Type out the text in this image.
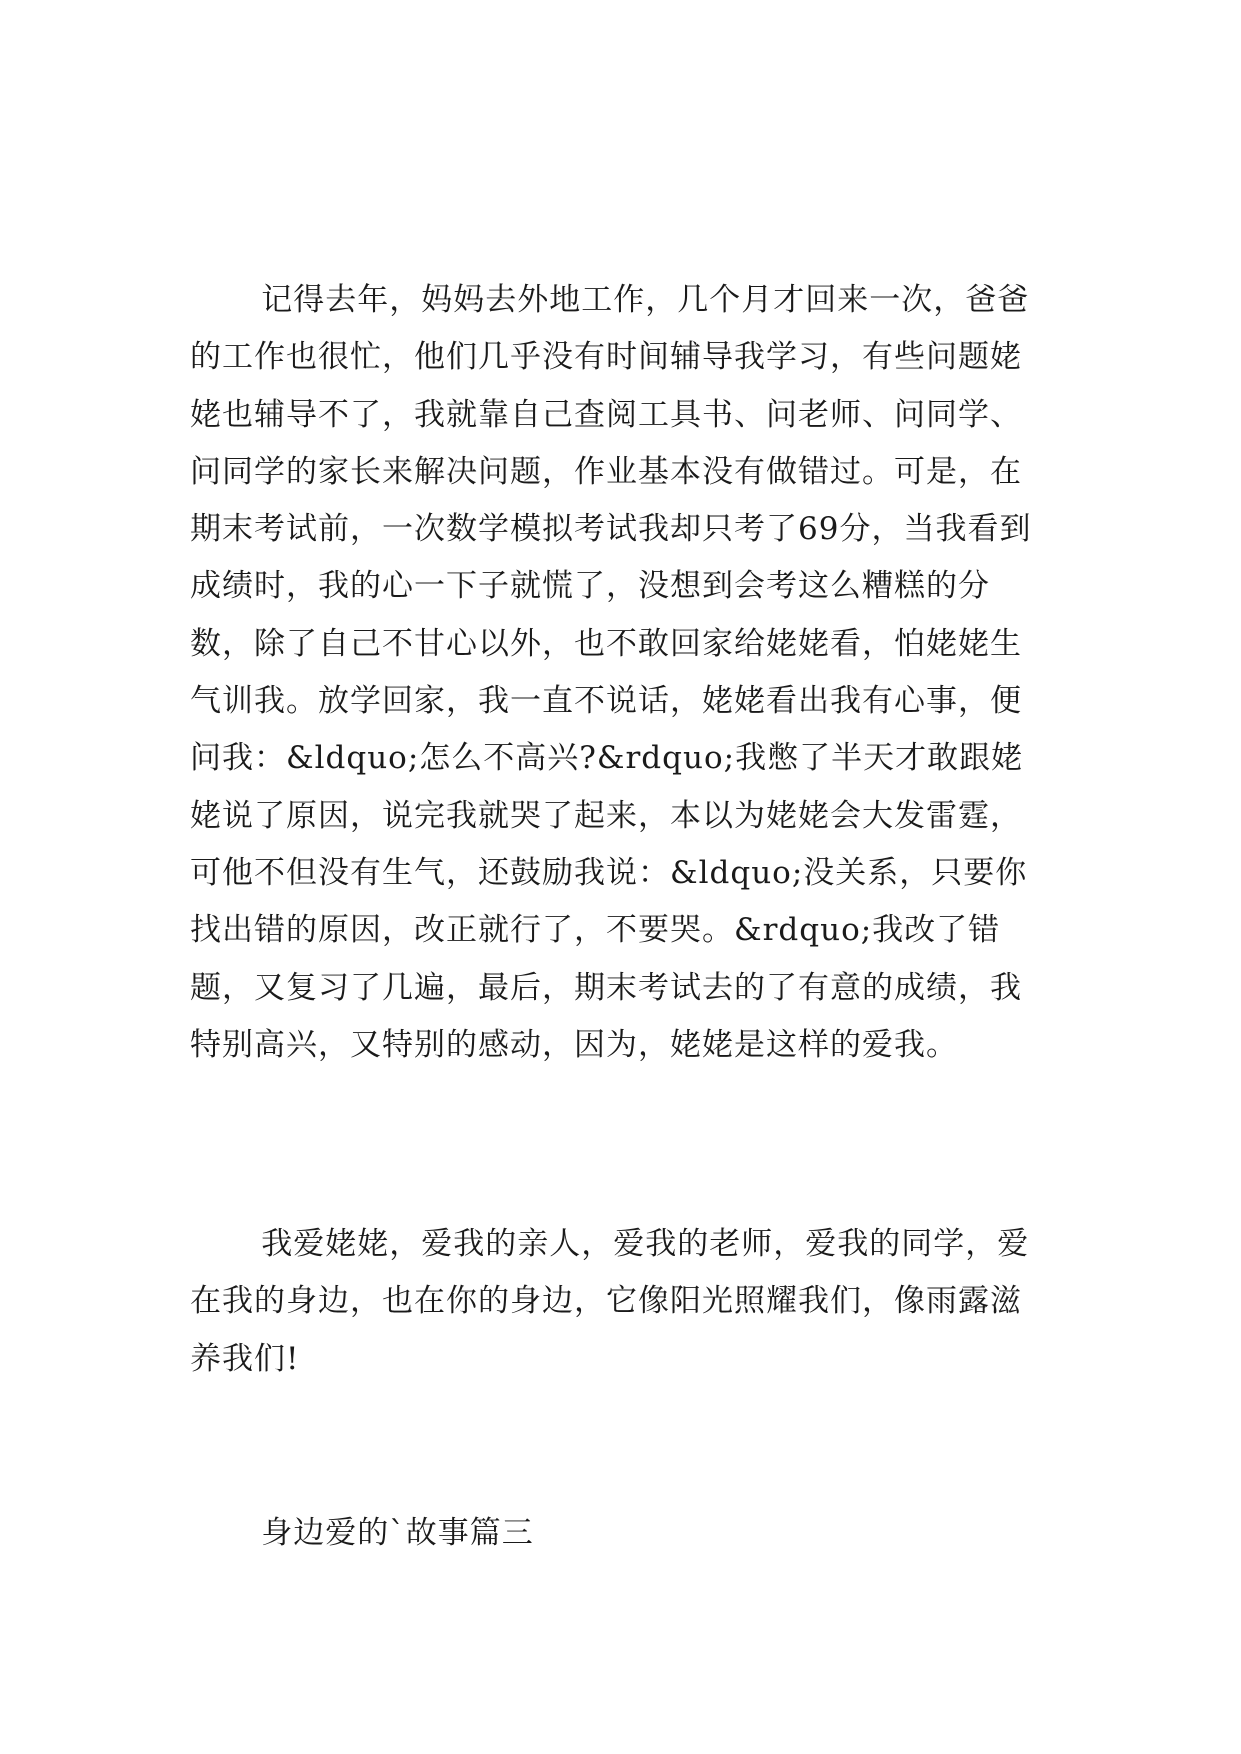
记得去年，妈妈去外地工作，几个月才回来一次，爸爸的工作也很忙，他们几乎没有时间辅导我学习，有些问题姥姥也辅导不了，我就靠自己查阅工具书、问老师、问同学、问同学的家长来解决问题，作业基本没有做错过。可是，在期末考试前，一次数学模拟考试我却只考了69分，当我看到成绩时，我的心一下子就慌了，没想到会考这么糟糕的分数，除了自己不甘心以外，也不敢回家给姥姥看，怕姥姥生气训我。放学回家，我一直不说话，姥姥看出我有心事，便问我：&ldquo;怎么不高兴?&rdquo;我憋了半天才敢跟姥姥说了原因，说完我就哭了起来，本以为姥姥会大发雷霆，可他不但没有生气，还鼓励我说：&ldquo;没关系，只要你找出错的原因，改正就行了，不要哭。&rdquo;我改了错题，又复习了几遍，最后，期末考试去的了有意的成绩，我特别高兴，又特别的感动，因为，姥姥是这样的爱我。

我爱姥姥，爱我的亲人，爱我的老师，爱我的同学，爱在我的身边，也在你的身边，它像阳光照耀我们，像雨露滋养我们!

身边爱的`故事篇三
